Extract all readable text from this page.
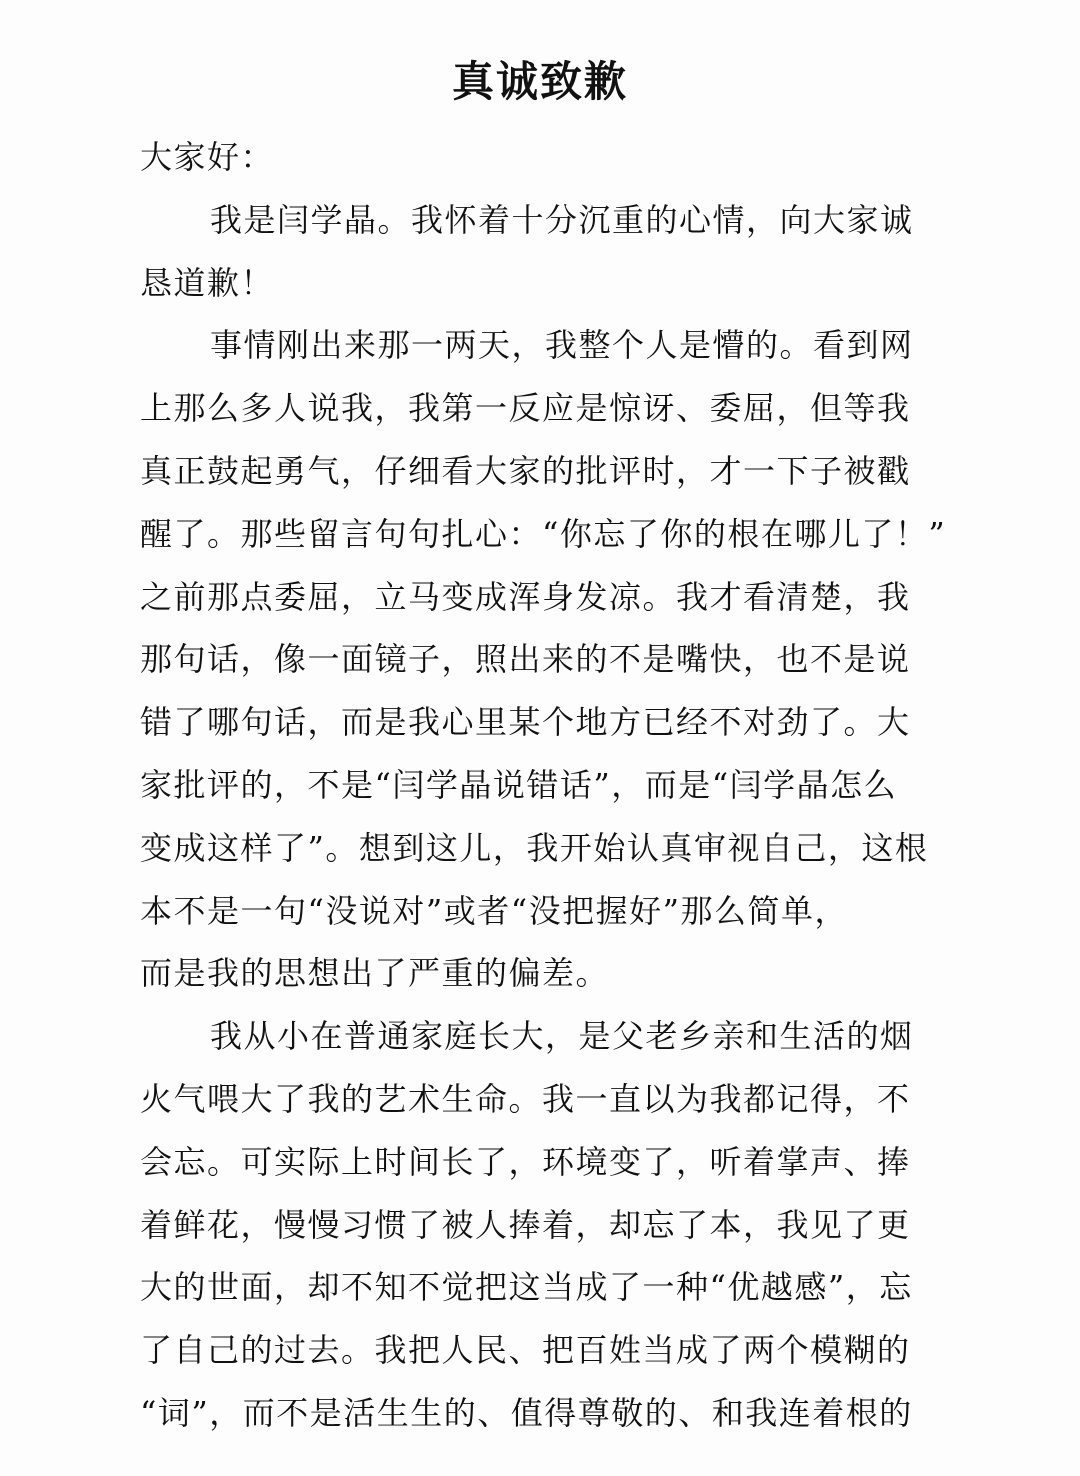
真诚致歉
大家好：

我是闫学晶。我怀着十分沉重的心情，向大家诚
恳道歉！

事情刚出来那一两天，我整个人是懵的。看到网
上那么多人说我，我第一反应是惊讶、委屈，但等我
真正鼓起勇气，仔细看大家的批评时，才一下子被戳
醒了。那些留言句句扎心：“你忘了你的根在哪儿了！”
之前那点委屈，立马变成浑身发凉。我才看清楚，我
那句话，像一面镜子，照出来的不是嘴快，也不是说
错了哪句话，而是我心里某个地方已经不对劲了。大
家批评的，不是“闫学晶说错话”，而是“闫学晶怎么
变成这样了”。想到这儿，我开始认真审视自己，这根
本不是一句“没说对”或者“没把握好”那么简单，
而是我的思想出了严重的偏差。

我从小在普通家庭长大，是父老乡亲和生活的烟
火气喂大了我的艺术生命。我一直以为我都记得，不
会忘。可实际上时间长了，环境变了，听着掌声、捧
着鲜花，慢慢习惯了被人捧着，却忘了本，我见了更
大的世面，却不知不觉把这当成了一种“优越感”，忘
了自己的过去。我把人民、把百姓当成了两个模糊的
“词”，而不是活生生的、值得尊敬的、和我连着根的
